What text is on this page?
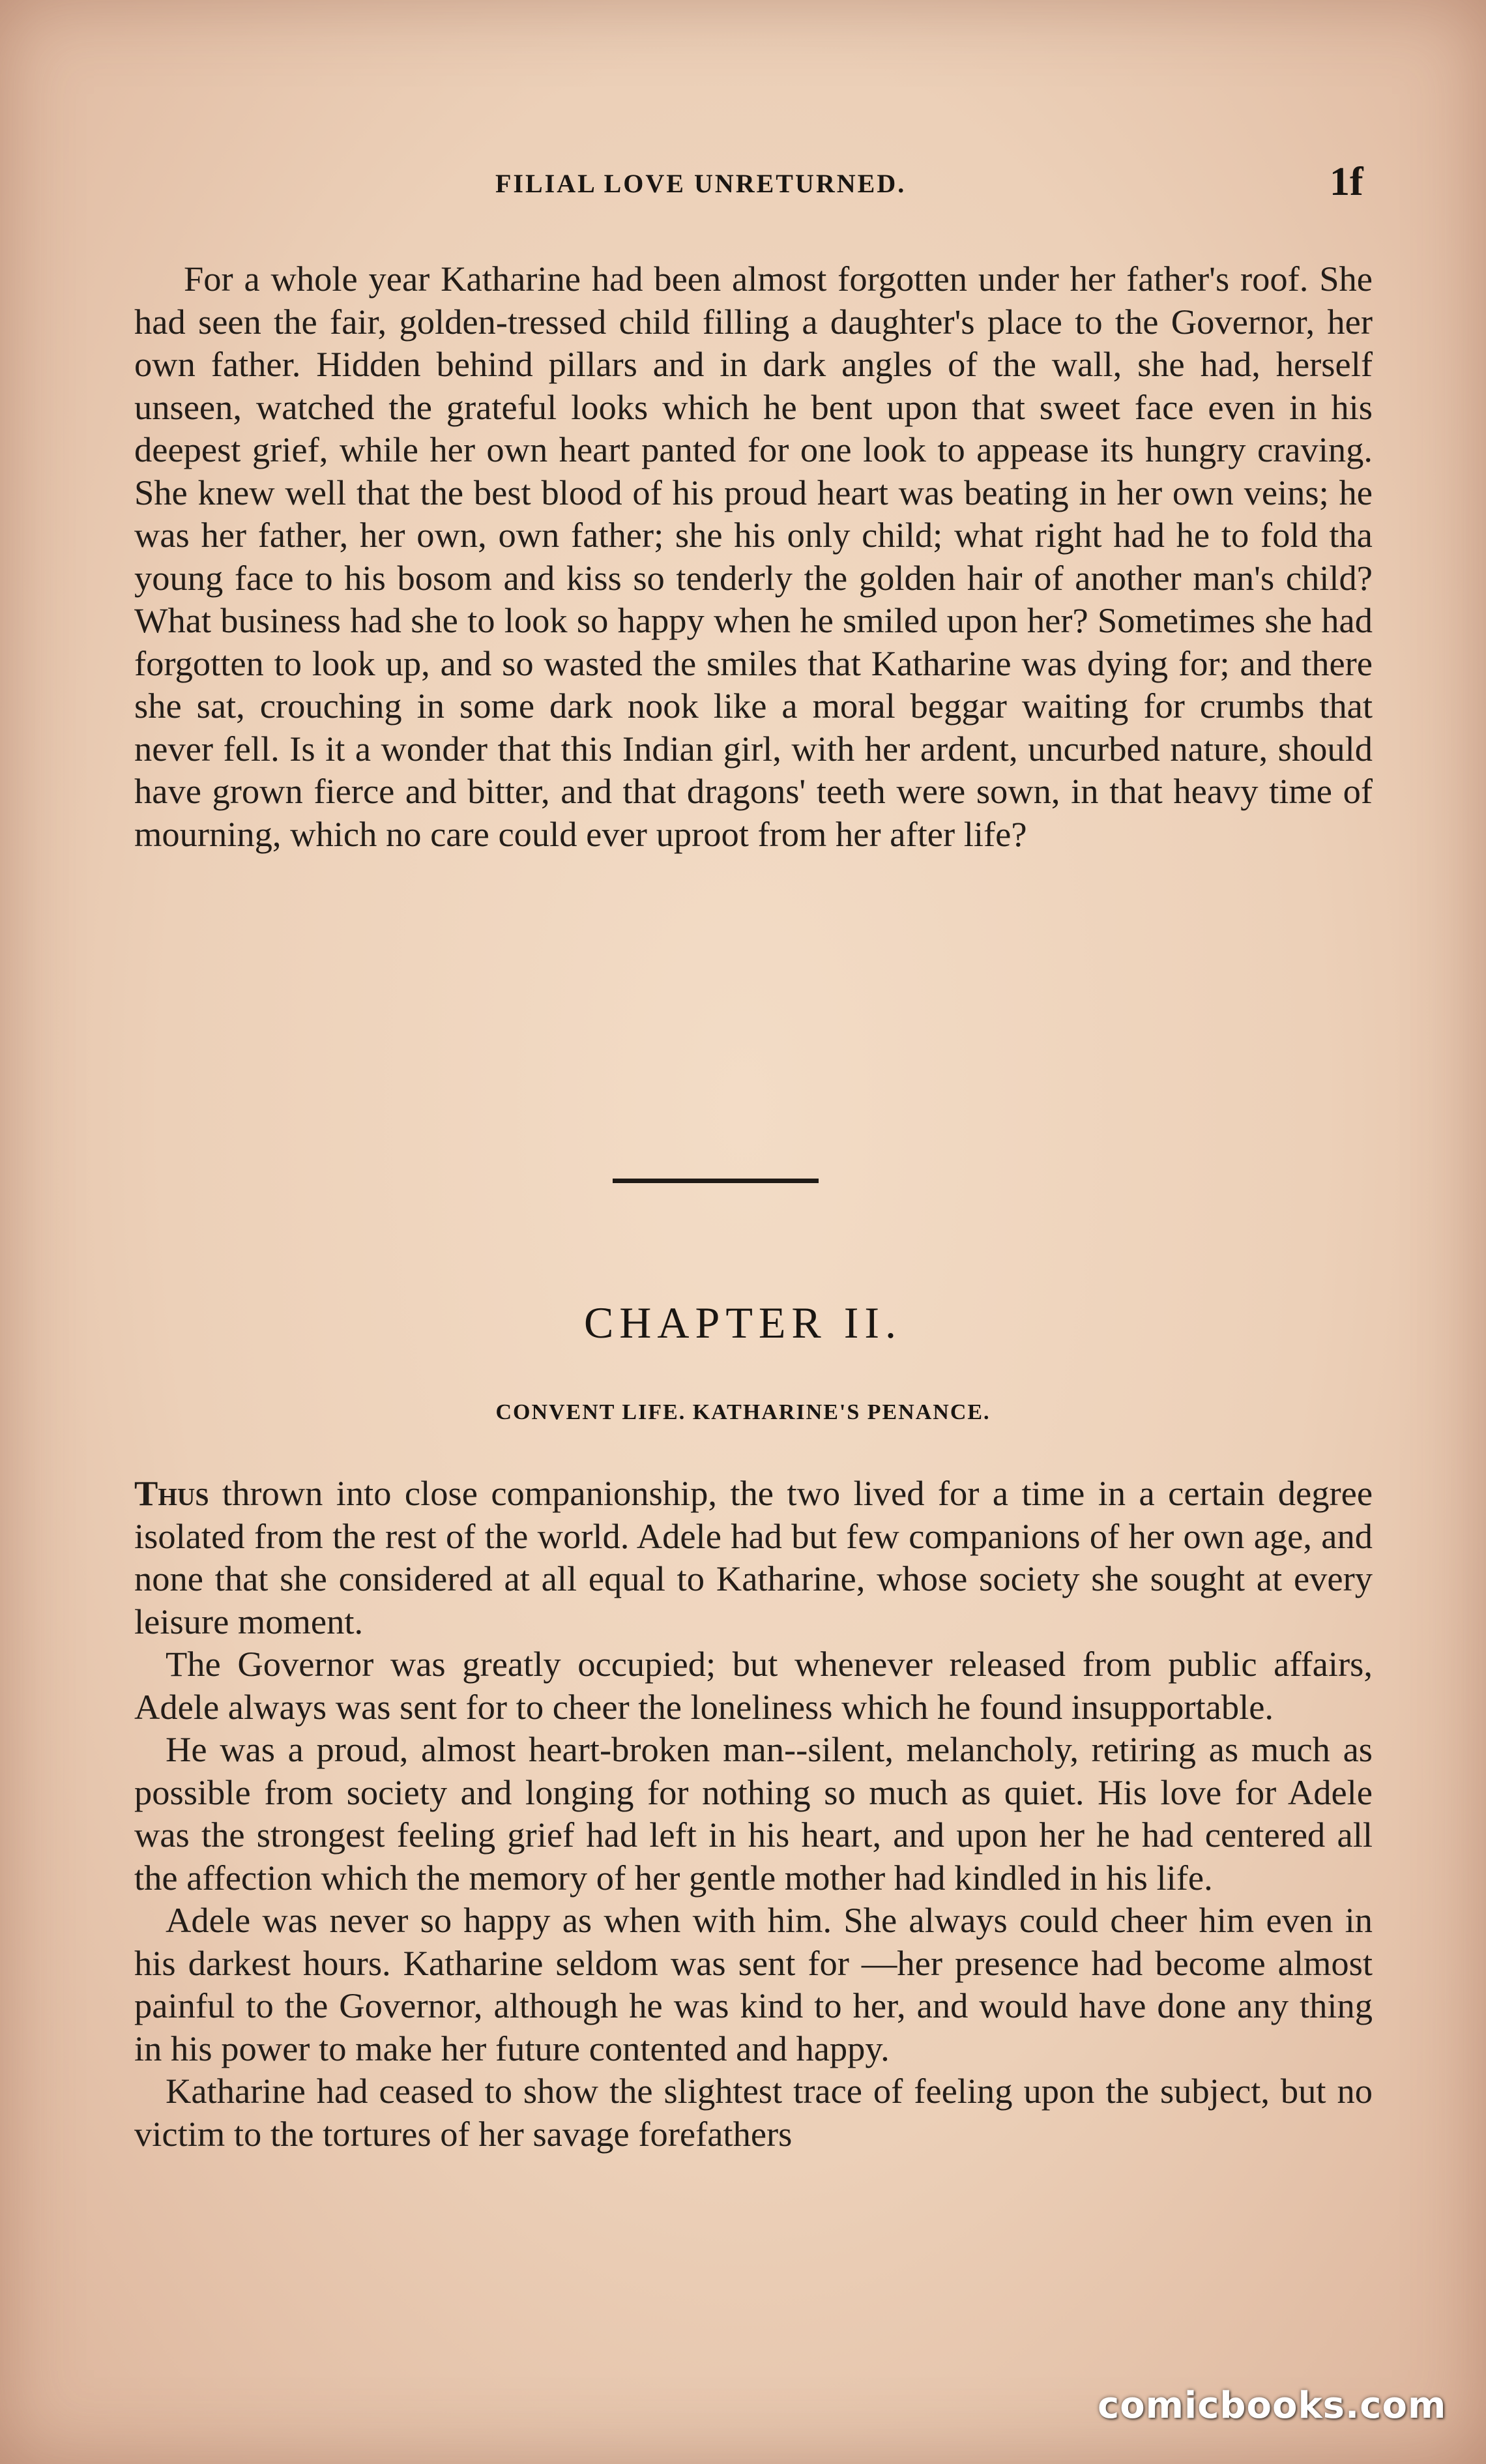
FILIAL LOVE UNRETURNED.	1f

For a whole year Katharine had been almost forgotten under her father's roof. She had seen the fair, golden-tressed child filling a daughter's place to the Governor, her own father. Hidden behind pillars and in dark angles of the wall, she had, herself unseen, watched the grateful looks which he bent upon that sweet face even in his deepest grief, while her own heart panted for one look to appease its hungry craving. She knew well that the best blood of his proud heart was beating in her own veins; he was her father, her own, own father; she his only child; what right had he to fold tha young face to his bosom and kiss so tenderly the golden hair of another man's child? What business had she to look so happy when he smiled upon her? Sometimes she had forgotten to look up, and so wasted the smiles that Katharine was dying for; and there she sat, crouching in some dark nook like a moral beggar waiting for crumbs that never fell. Is it a wonder that this Indian girl, with her ardent, uncurbed nature, should have grown fierce and bitter, and that dragons' teeth were sown, in that heavy time of mourning, which no care could ever uproot from her after life?

CHAPTER II.
CONVENT LIFE. KATHARINE'S PENANCE.

Thus thrown into close companionship, the two lived for a time in a certain degree isolated from the rest of the world. Adele had but few companions of her own age, and none that she considered at all equal to Katharine, whose society she sought at every leisure moment.

The Governor was greatly occupied; but whenever released from public affairs, Adele always was sent for to cheer the loneliness which he found insupportable.

He was a proud, almost heart-broken man--silent, melancholy, retiring as much as possible from society and longing for nothing so much as quiet. His love for Adele was the strongest feeling grief had left in his heart, and upon her he had centered all the affection which the memory of her gentle mother had kindled in his life.

Adele was never so happy as when with him. She always could cheer him even in his darkest hours. Katharine seldom was sent for —her presence had become almost painful to the Governor, although he was kind to her, and would have done any thing in his power to make her future contented and happy.

Katharine had ceased to show the slightest trace of feeling upon the subject, but no victim to the tortures of her savage forefathers

comicbooks.com
